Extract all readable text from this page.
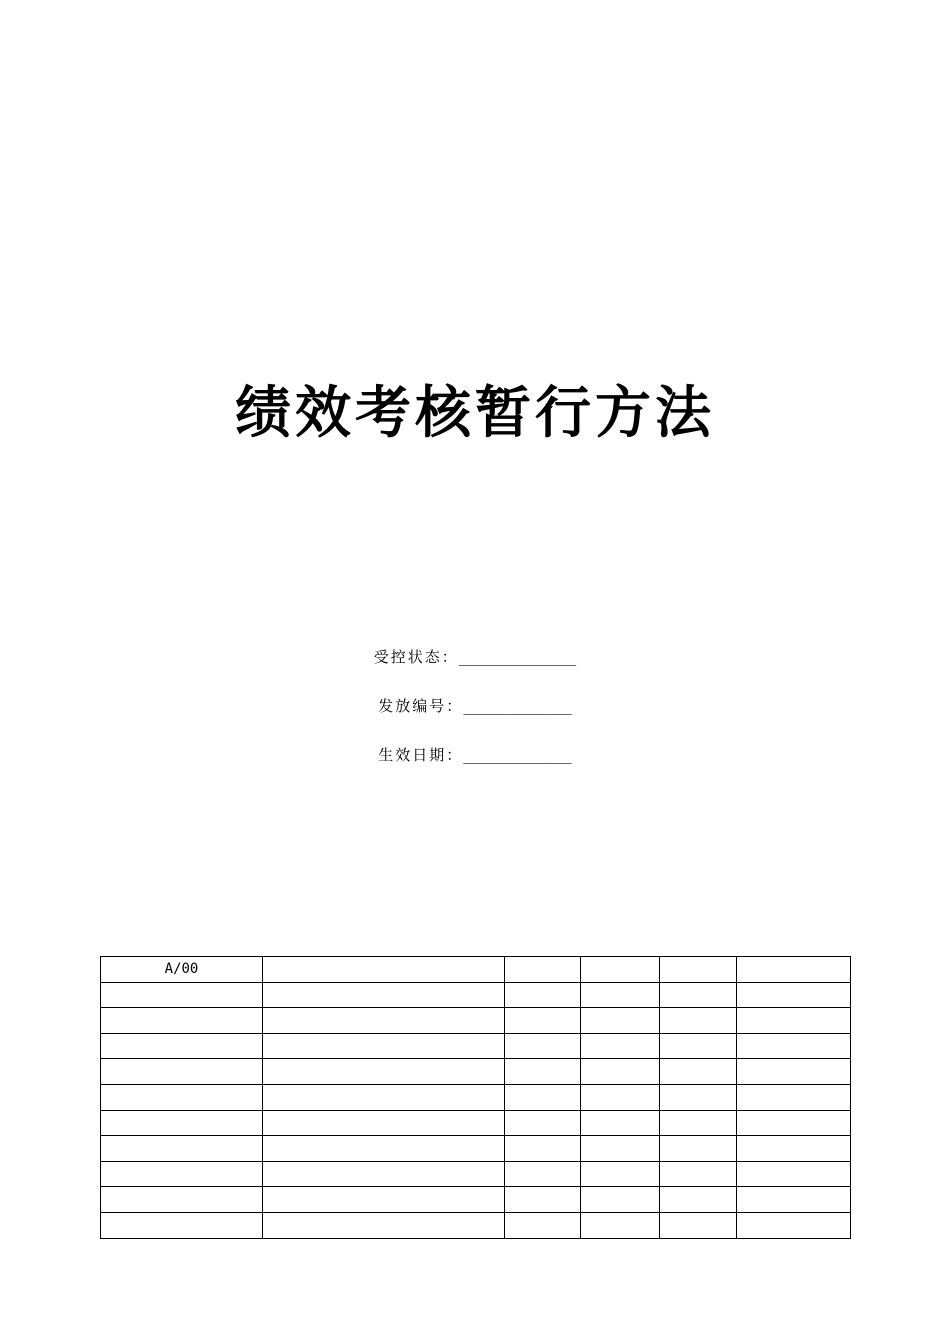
绩效考核暂行方法
受控状态：_____________
发放编号：____________
生效日期：____________
A/00					
